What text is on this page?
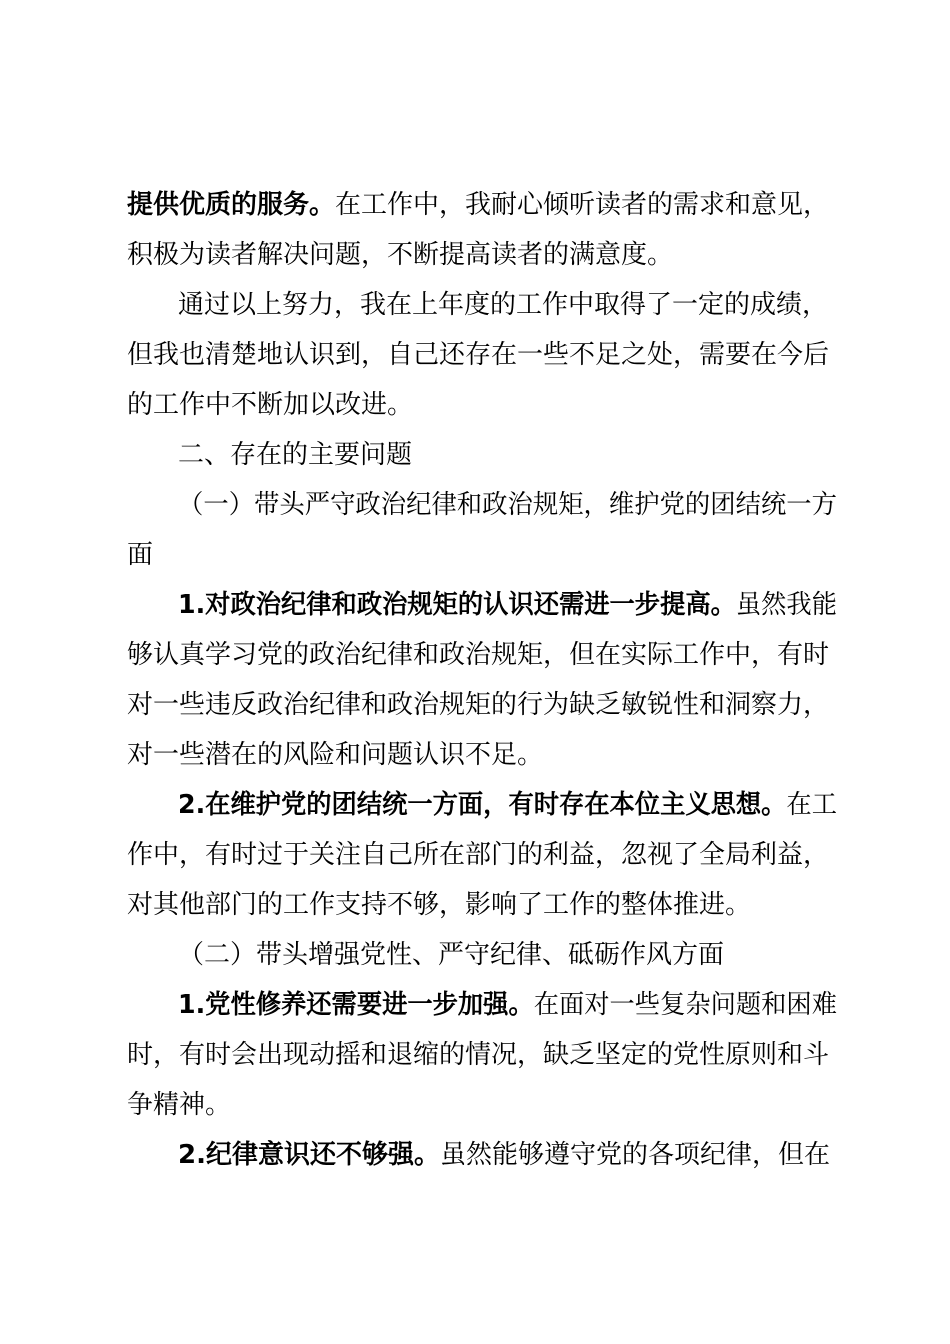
提供优质的服务。在工作中，我耐心倾听读者的需求和意见，
积极为读者解决问题，不断提高读者的满意度。
通过以上努力，我在上年度的工作中取得了一定的成绩，
但我也清楚地认识到，自己还存在一些不足之处，需要在今后
的工作中不断加以改进。
二、存在的主要问题
（一）带头严守政治纪律和政治规矩，维护党的团结统一方
面
1.对政治纪律和政治规矩的认识还需进一步提高。虽然我能
够认真学习党的政治纪律和政治规矩，但在实际工作中，有时
对一些违反政治纪律和政治规矩的行为缺乏敏锐性和洞察力，
对一些潜在的风险和问题认识不足。
2.在维护党的团结统一方面，有时存在本位主义思想。在工
作中，有时过于关注自己所在部门的利益，忽视了全局利益，
对其他部门的工作支持不够，影响了工作的整体推进。
（二）带头增强党性、严守纪律、砥砺作风方面
1.党性修养还需要进一步加强。在面对一些复杂问题和困难
时，有时会出现动摇和退缩的情况，缺乏坚定的党性原则和斗
争精神。
2.纪律意识还不够强。虽然能够遵守党的各项纪律，但在
